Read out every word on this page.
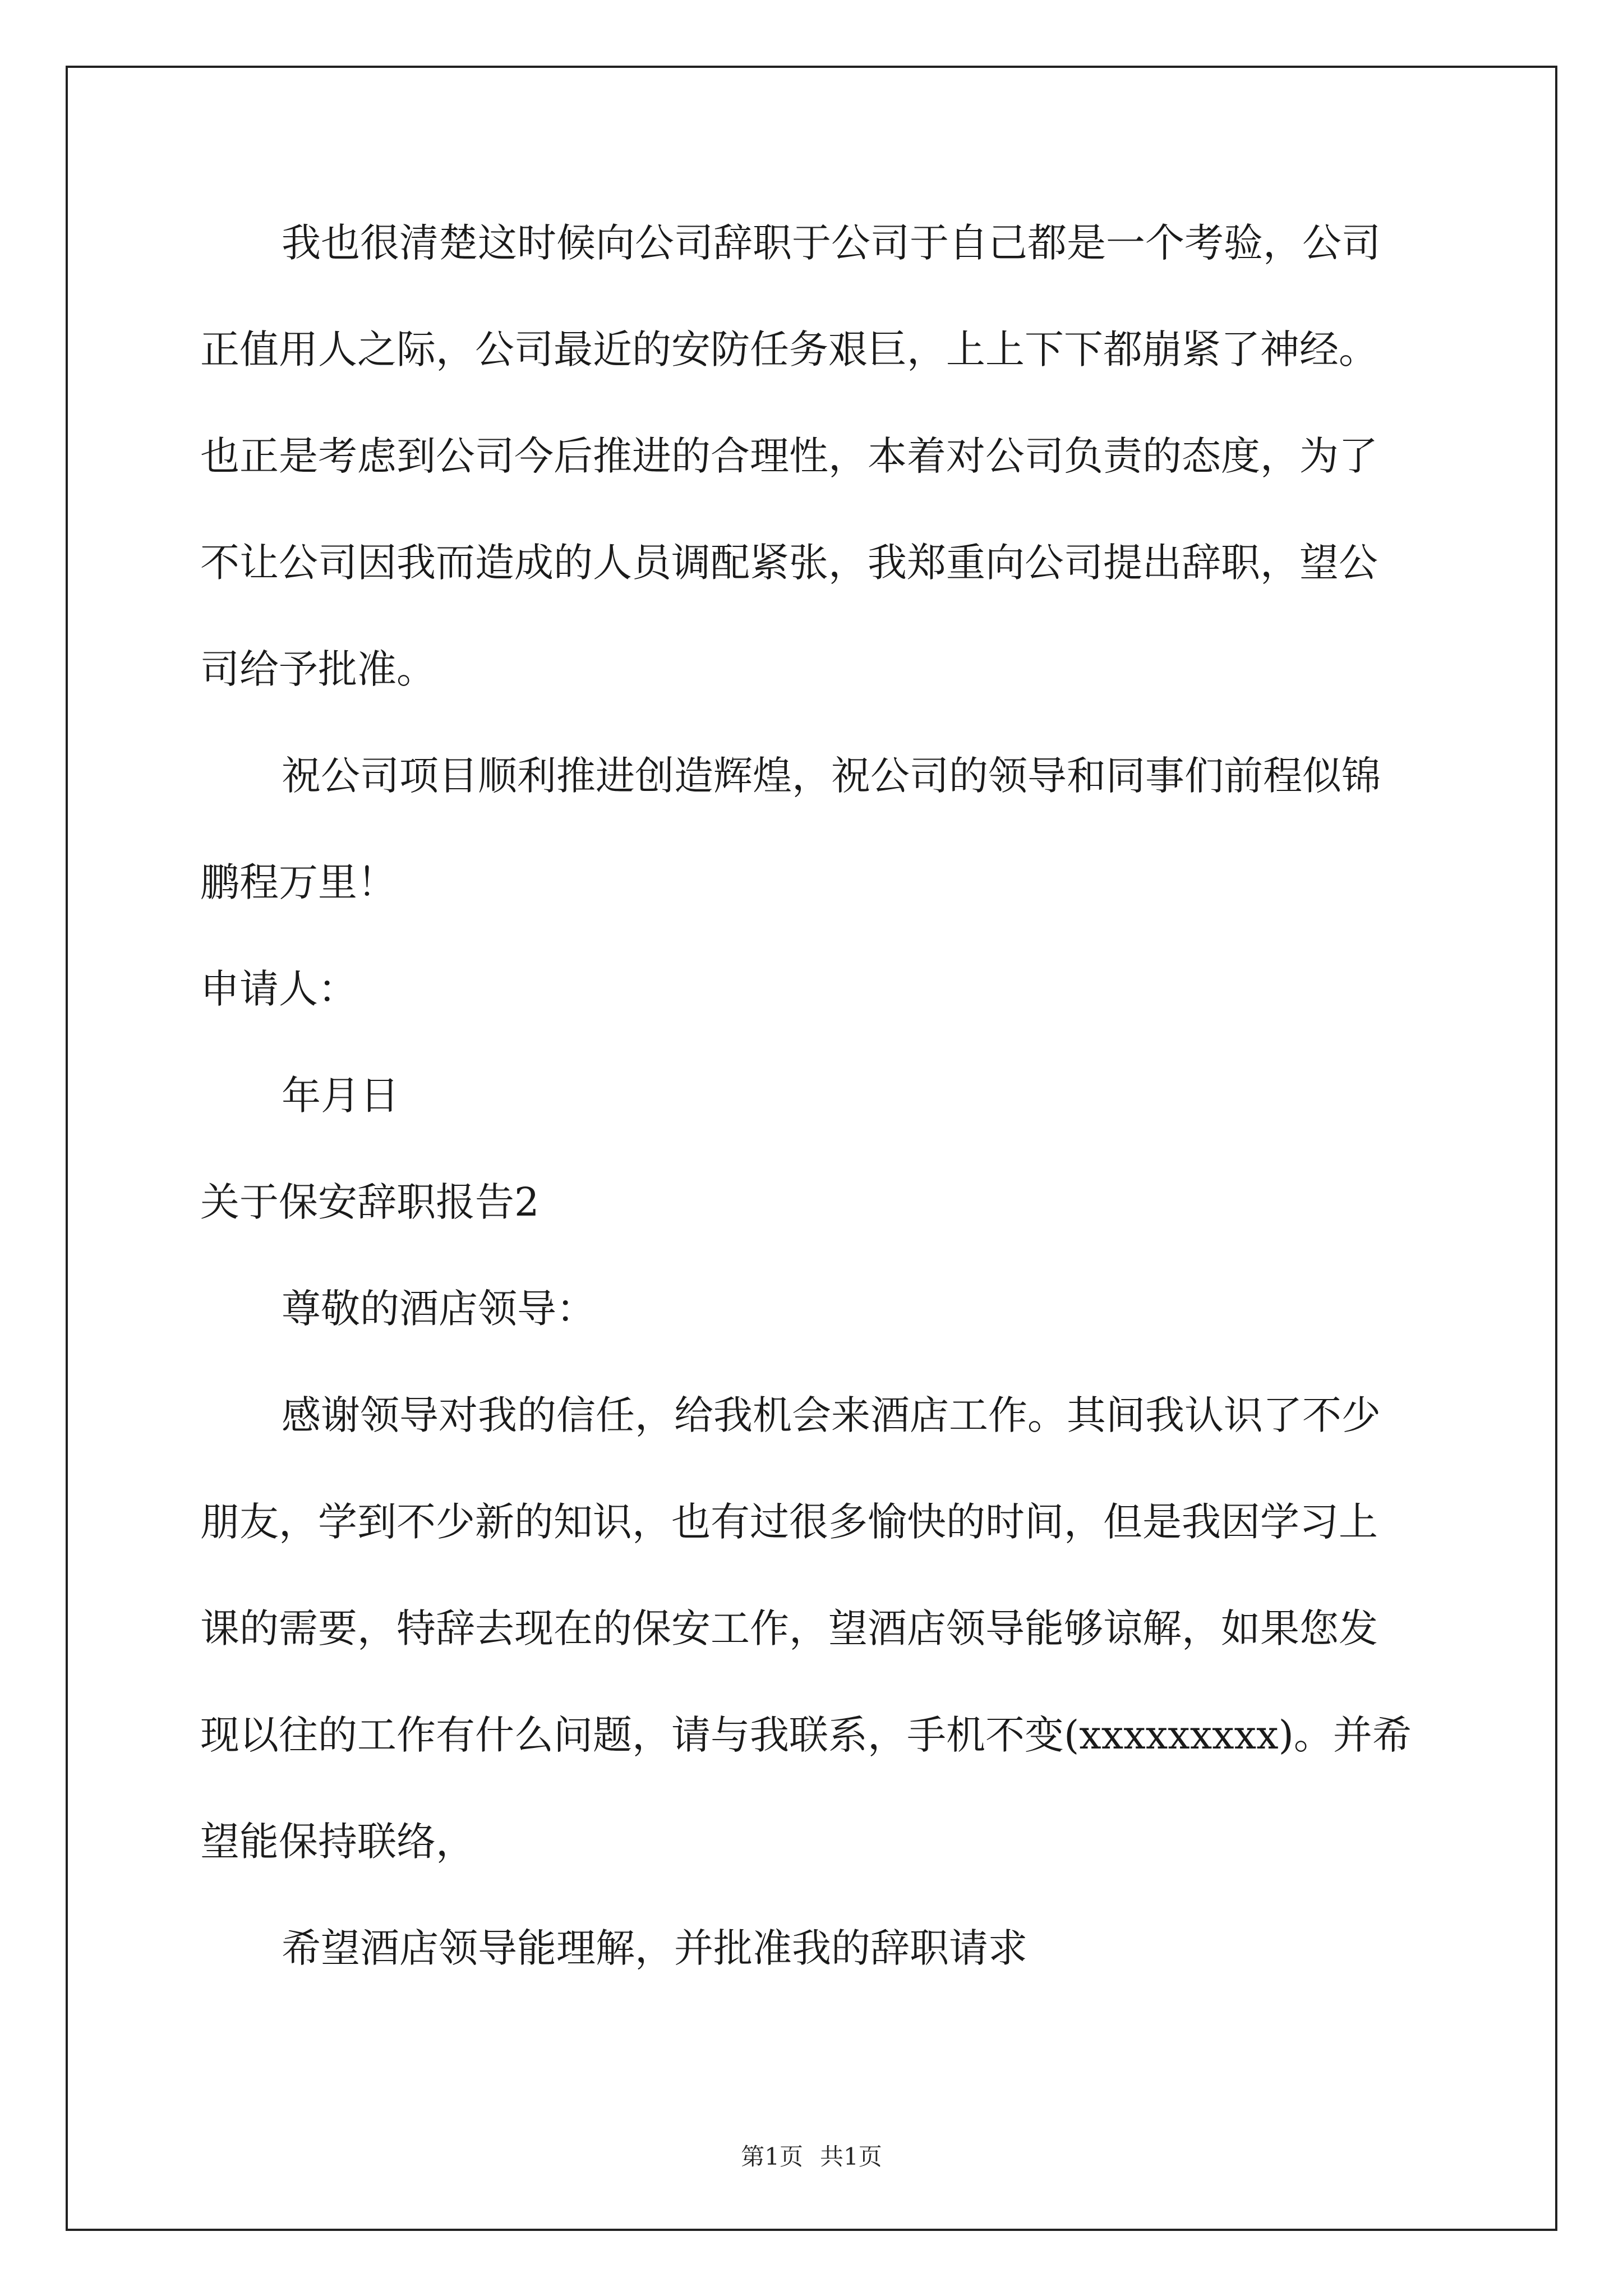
我也很清楚这时候向公司辞职于公司于自己都是一个考验，公司
正值用人之际，公司最近的安防任务艰巨，上上下下都崩紧了神经。
也正是考虑到公司今后推进的合理性，本着对公司负责的态度，为了
不让公司因我而造成的人员调配紧张，我郑重向公司提出辞职，望公
司给予批准。
祝公司项目顺利推进创造辉煌，祝公司的领导和同事们前程似锦
鹏程万里！
申请人：
年月日
关于保安辞职报告2
尊敬的酒店领导：
感谢领导对我的信任，给我机会来酒店工作。其间我认识了不少
朋友，学到不少新的知识，也有过很多愉快的时间，但是我因学习上
课的需要，特辞去现在的保安工作，望酒店领导能够谅解，如果您发
现以往的工作有什么问题，请与我联系，手机不变(xxxxxxxxx)。并希
望能保持联络，
希望酒店领导能理解，并批准我的辞职请求
第1页 共1页
